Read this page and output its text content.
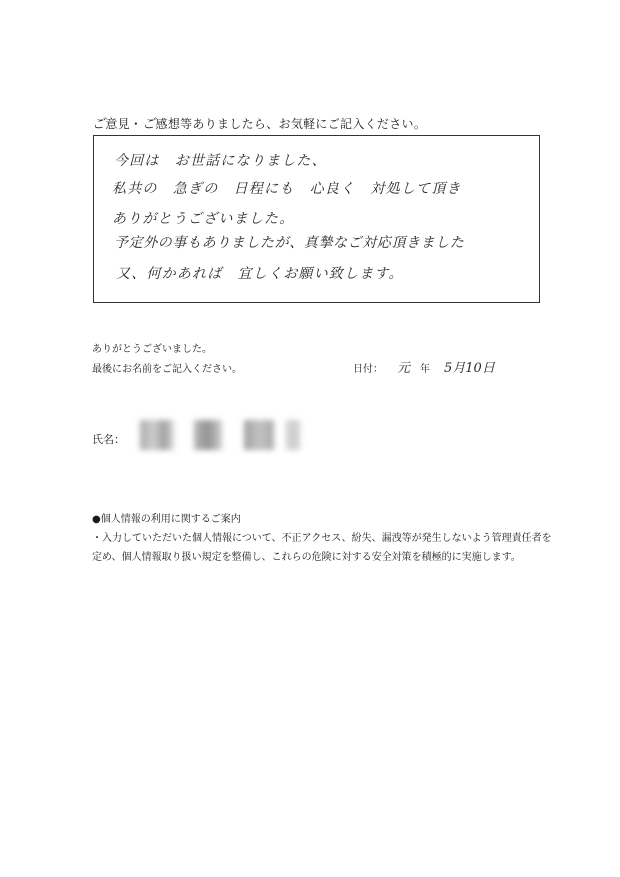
ご意見・ご感想等ありましたら、お気軽にご記入ください。
今回は　お世話になりました、
私共の　急ぎの　日程にも　心良く　対処して頂き
ありがとうございました。
予定外の事もありましたが、真摯なご対応頂きました
又、何かあれば　宜しくお願い致します。
ありがとうございました。
最後にお名前をご記入ください。	日付： 元 年 5月10日
氏名：
●個人情報の利用に関するご案内
・入力していただいた個人情報について、不正アクセス、紛失、漏洩等が発生しないよう管理責任者を定め、個人情報取り扱い規定を整備し、これらの危険に対する安全対策を積極的に実施します。
